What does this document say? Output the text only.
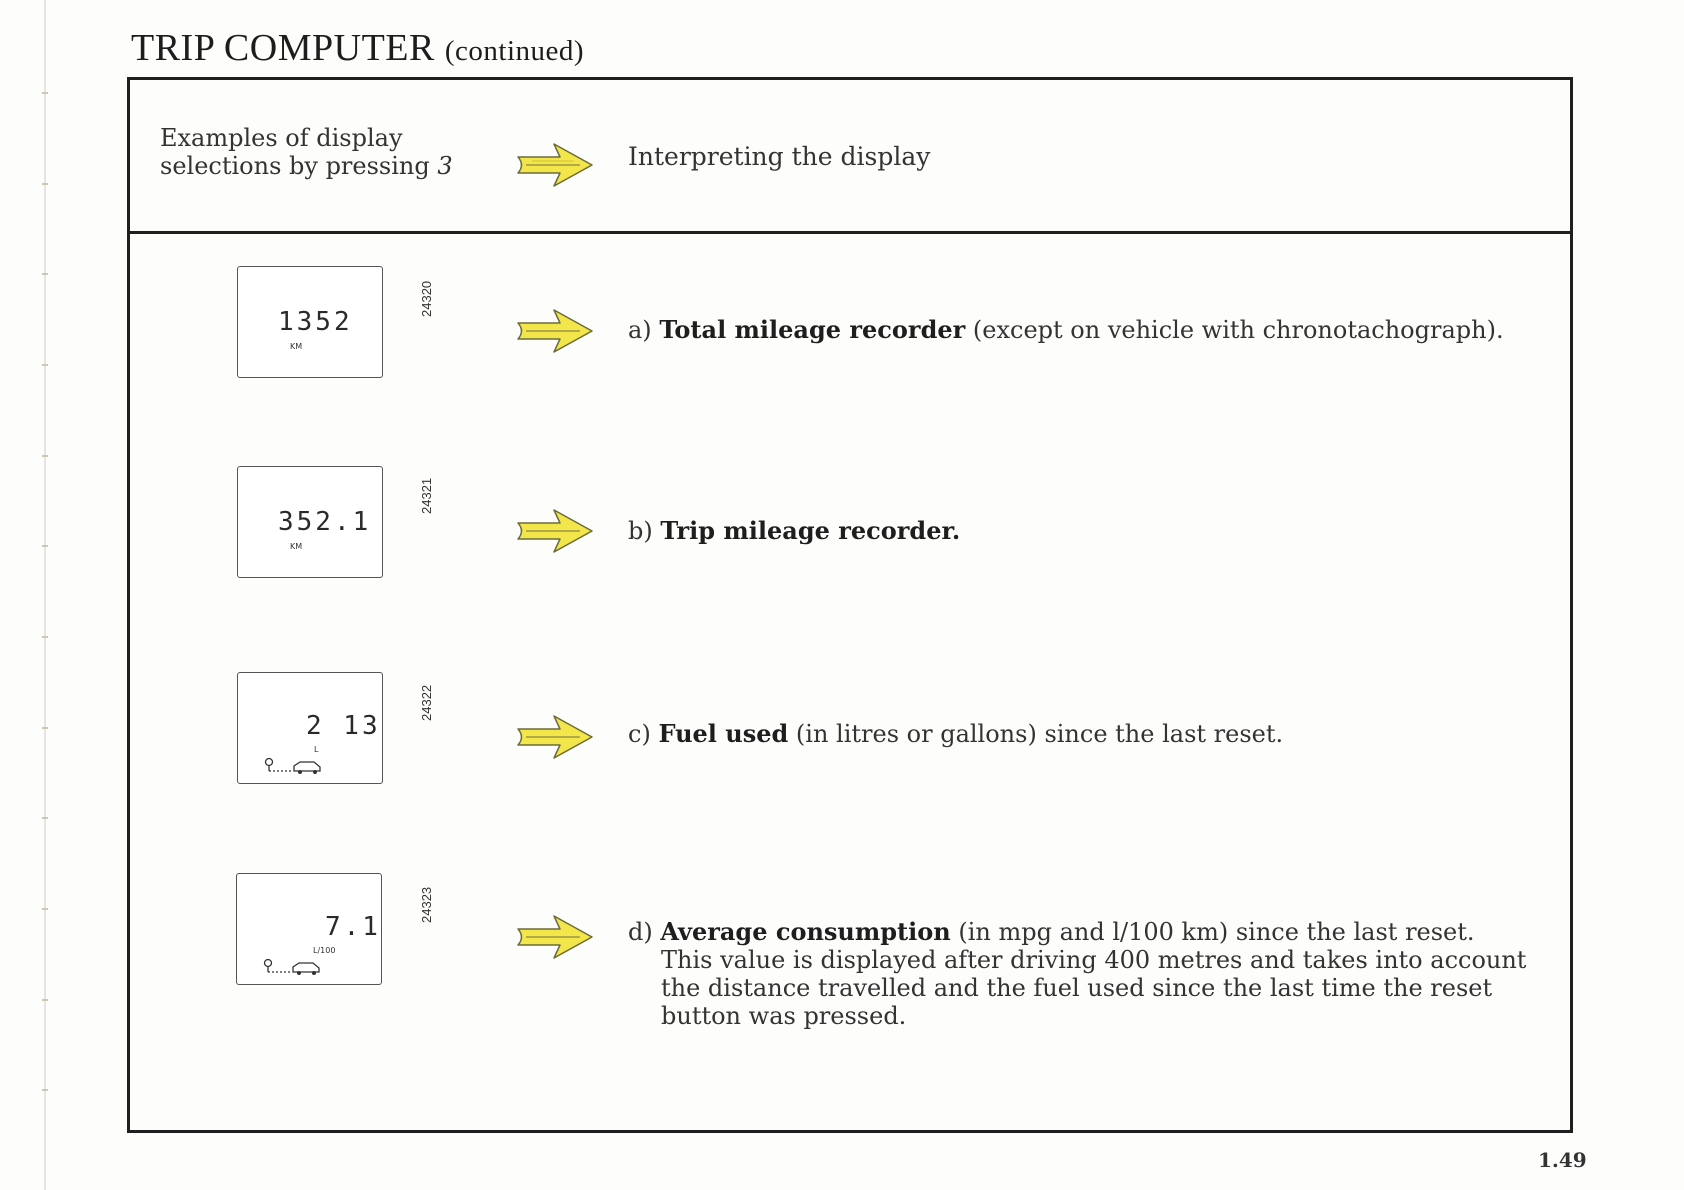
TRIP COMPUTER (continued)
Examples of display
selections by pressing 3	Interpreting the display
1352
KM
24320
a) Total mileage recorder (except on vehicle with chronotachograph).
352.1
KM
24321
b) Trip mileage recorder.
2 13
L
24322
c) Fuel used (in litres or gallons) since the last reset.
7.1
L/100
24323
d) Average consumption (in mpg and l/100 km) since the last reset.
This value is displayed after driving 400 metres and takes into account the distance travelled and the fuel used since the last time the reset button was pressed.
1.49
